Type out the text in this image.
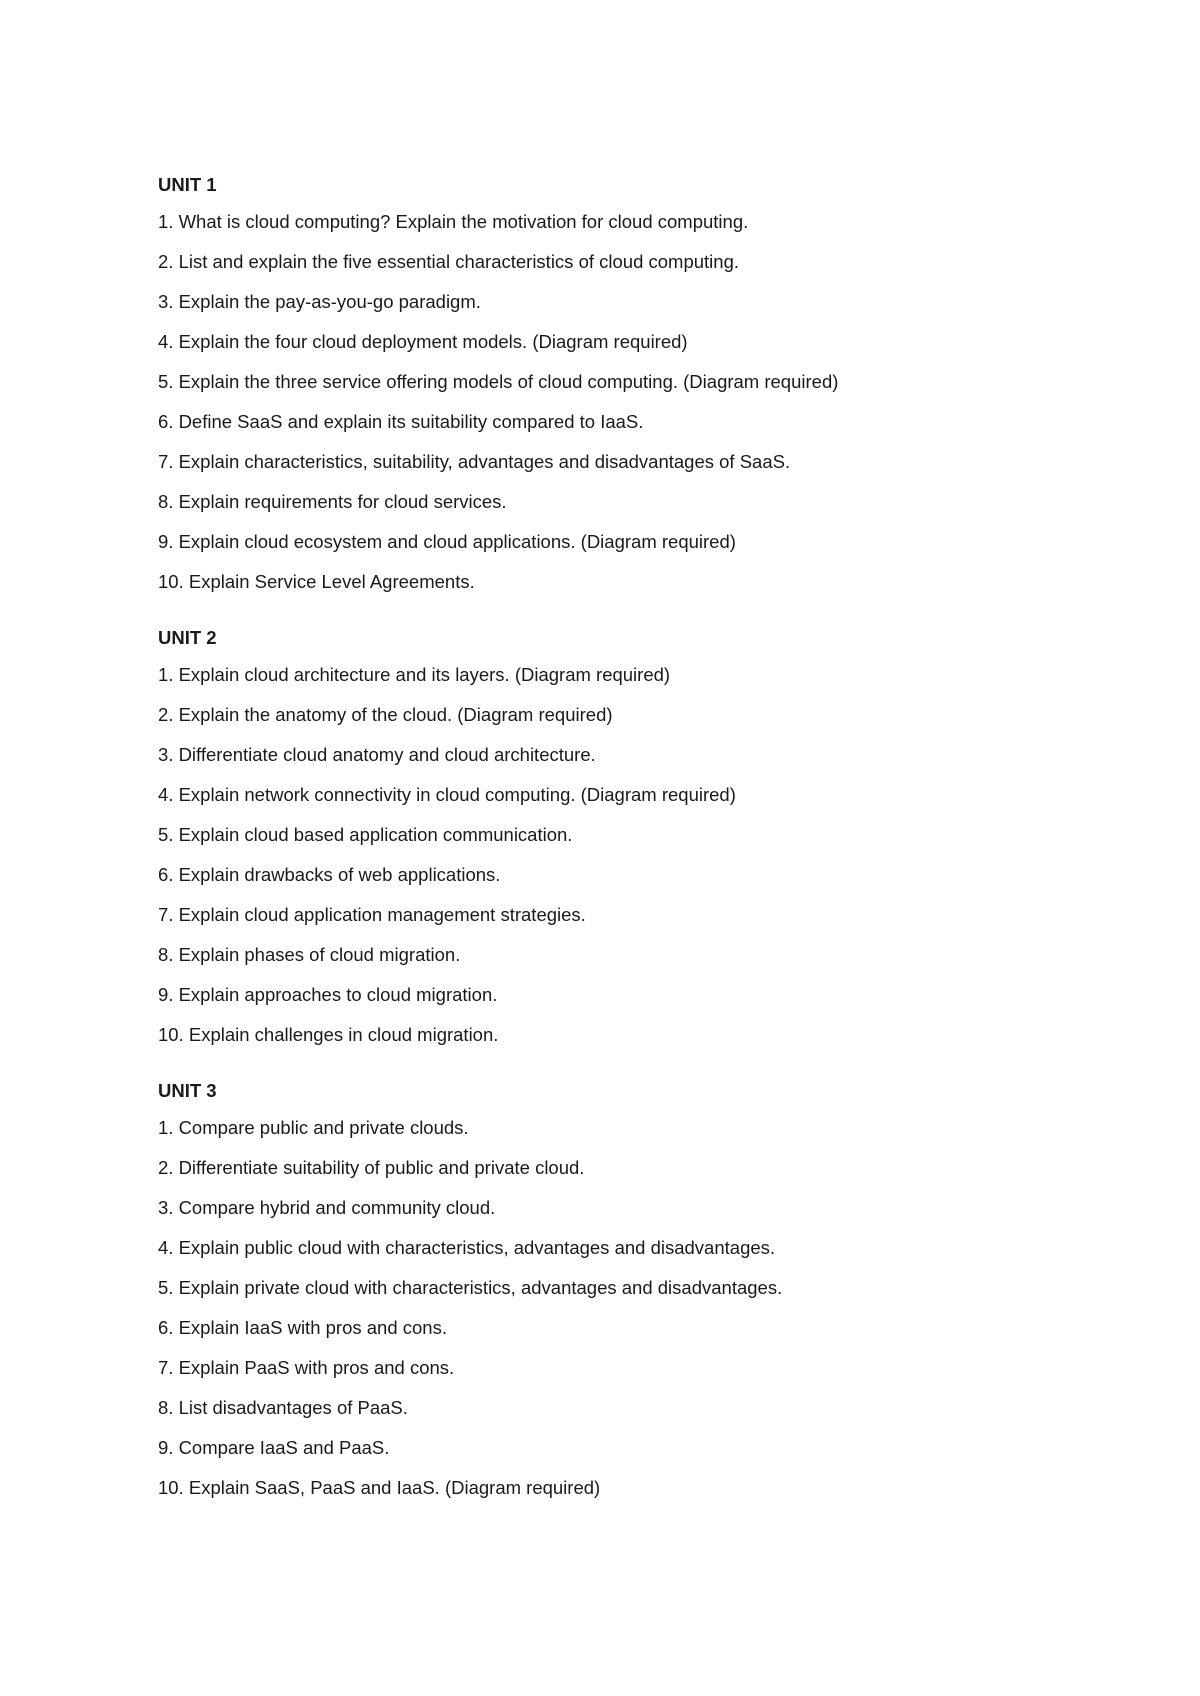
UNIT 1
1. What is cloud computing? Explain the motivation for cloud computing.
2. List and explain the five essential characteristics of cloud computing.
3. Explain the pay-as-you-go paradigm.
4. Explain the four cloud deployment models. (Diagram required)
5. Explain the three service offering models of cloud computing. (Diagram required)
6. Define SaaS and explain its suitability compared to IaaS.
7. Explain characteristics, suitability, advantages and disadvantages of SaaS.
8. Explain requirements for cloud services.
9. Explain cloud ecosystem and cloud applications. (Diagram required)
10. Explain Service Level Agreements.
UNIT 2
1. Explain cloud architecture and its layers. (Diagram required)
2. Explain the anatomy of the cloud. (Diagram required)
3. Differentiate cloud anatomy and cloud architecture.
4. Explain network connectivity in cloud computing. (Diagram required)
5. Explain cloud based application communication.
6. Explain drawbacks of web applications.
7. Explain cloud application management strategies.
8. Explain phases of cloud migration.
9. Explain approaches to cloud migration.
10. Explain challenges in cloud migration.
UNIT 3
1. Compare public and private clouds.
2. Differentiate suitability of public and private cloud.
3. Compare hybrid and community cloud.
4. Explain public cloud with characteristics, advantages and disadvantages.
5. Explain private cloud with characteristics, advantages and disadvantages.
6. Explain IaaS with pros and cons.
7. Explain PaaS with pros and cons.
8. List disadvantages of PaaS.
9. Compare IaaS and PaaS.
10. Explain SaaS, PaaS and IaaS. (Diagram required)
